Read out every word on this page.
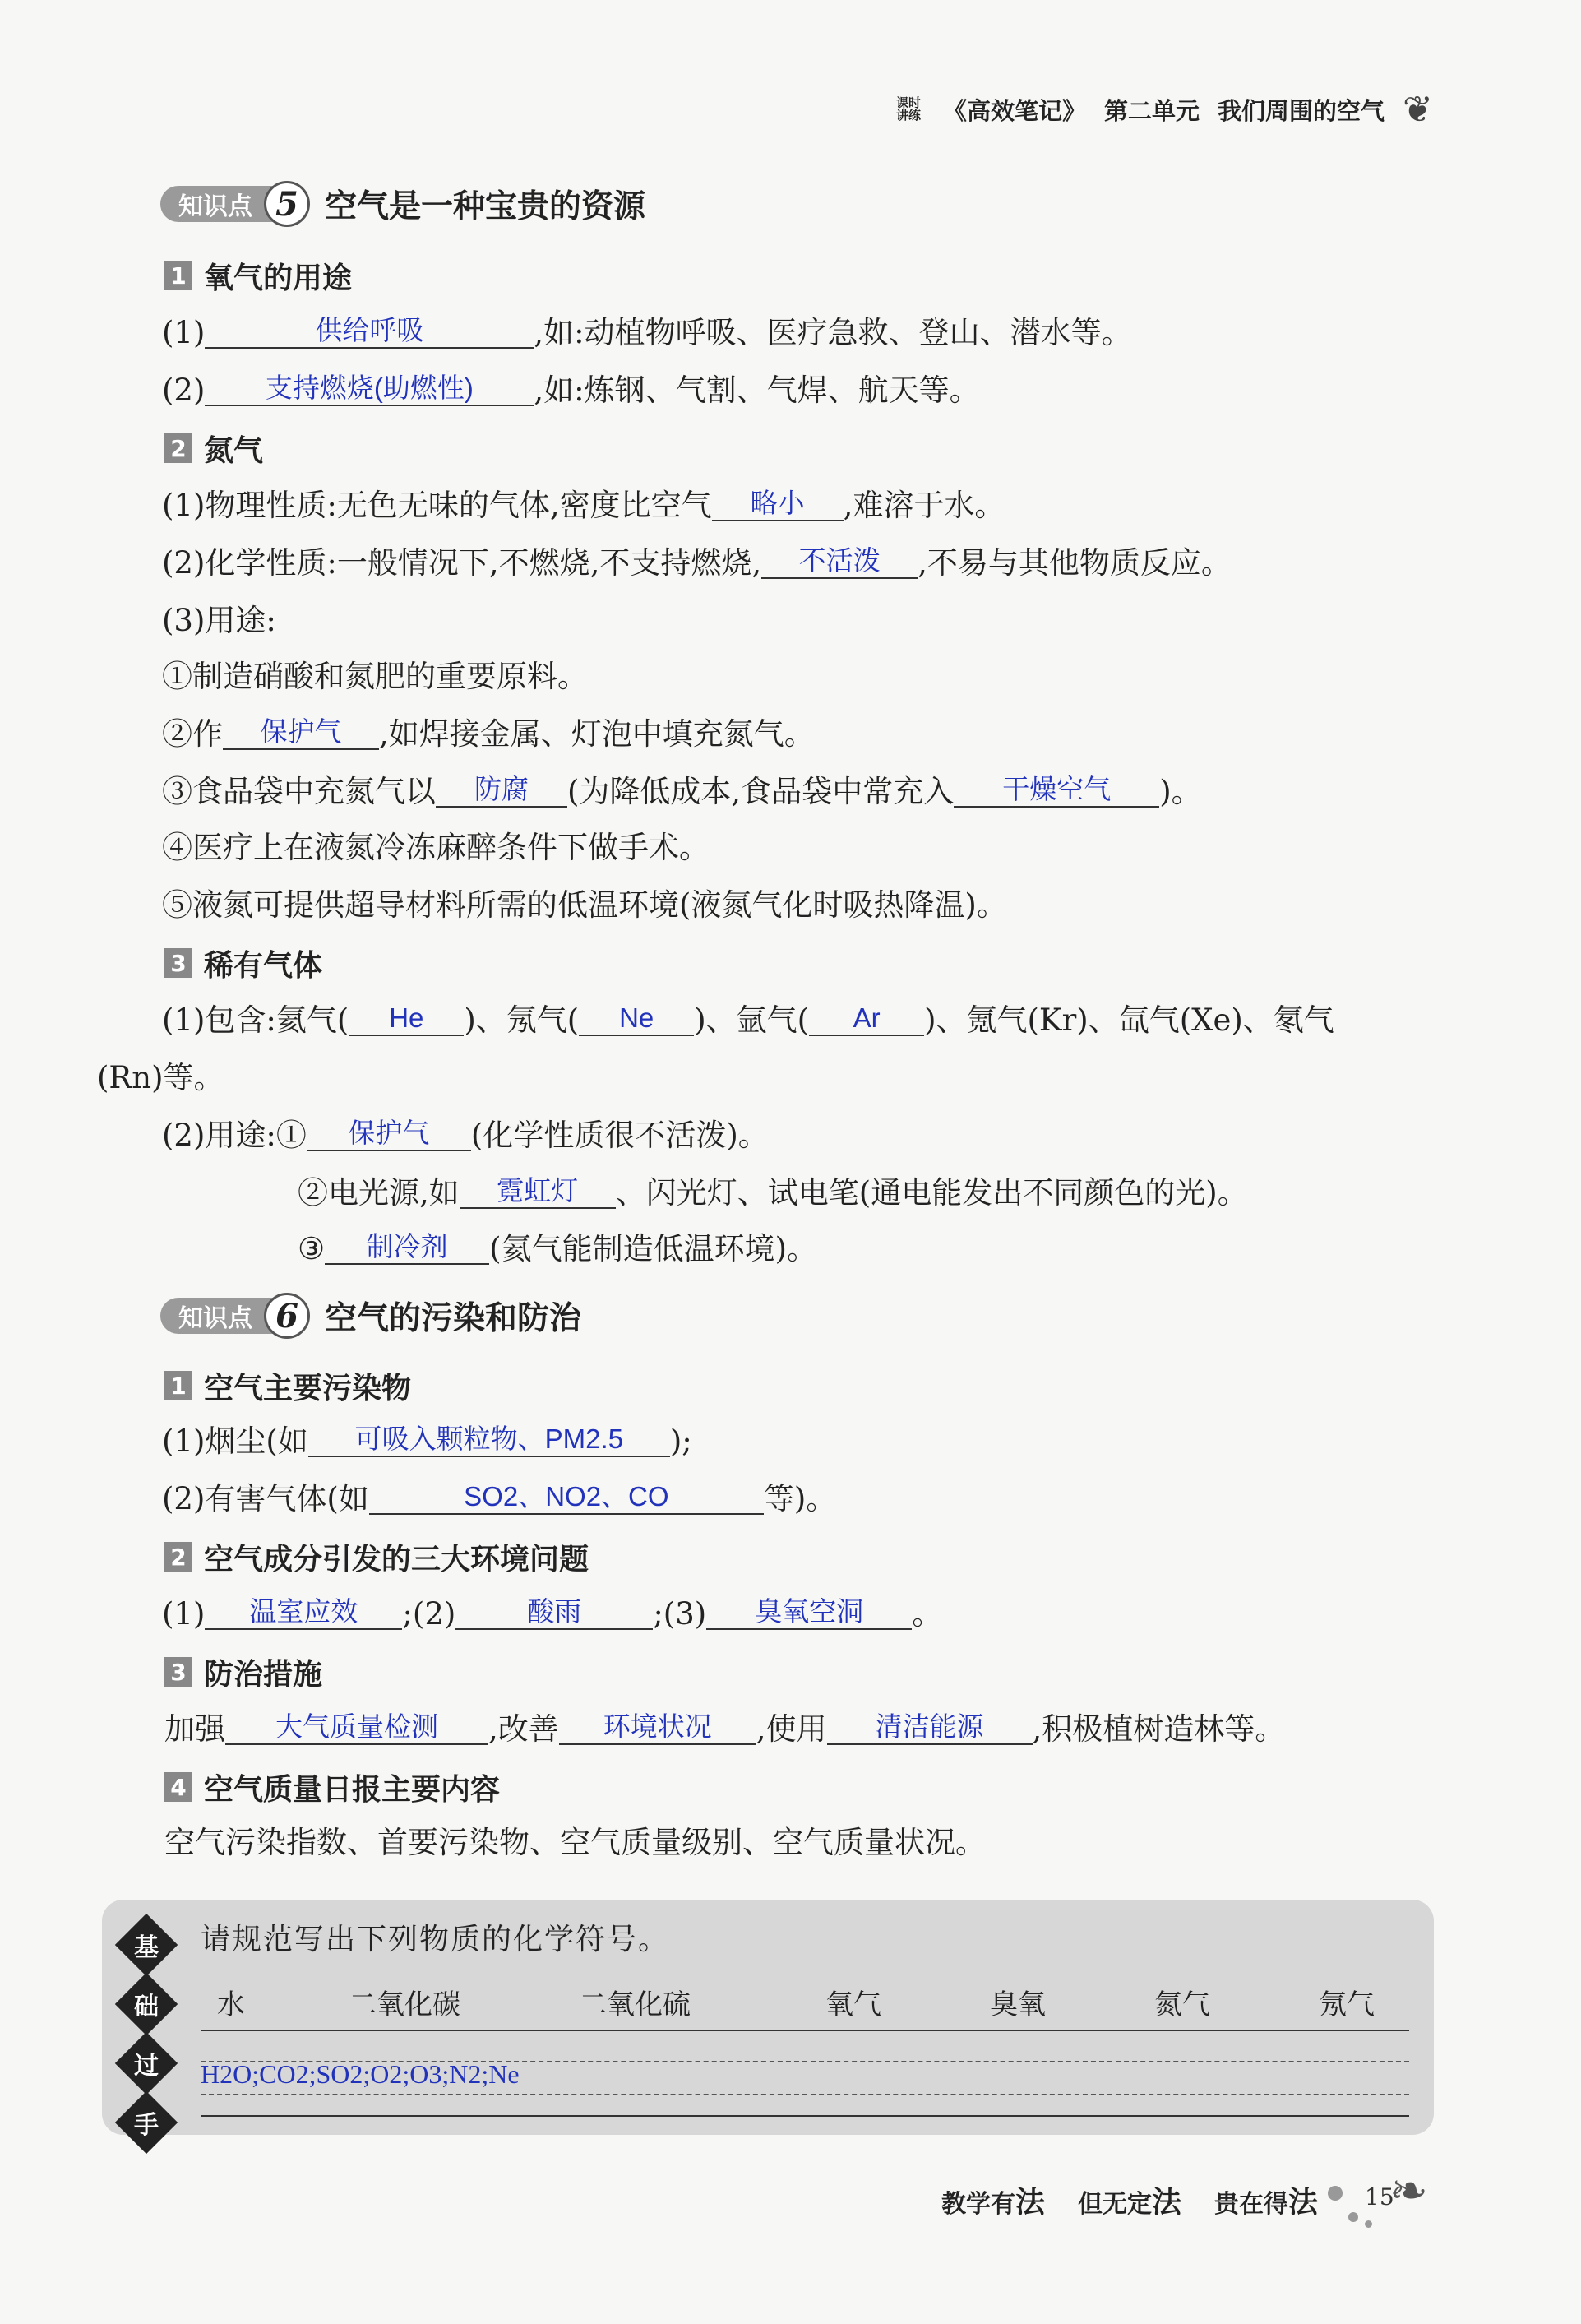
课时讲练 《高效笔记》 第二单元 我们周围的空气 ❦
知识点 5 空气是一种宝贵的资源
1 氧气的用途
(1)	供给呼吸	,如:动植物呼吸、医疗急救、登山、潜水等。
(2) 支持燃烧(助燃性) ,如:炼钢、气割、气焊、航天等。
2 氮气
(1)物理性质:无色无味的气体,密度比空气 略小 ,难溶于水。
(2)化学性质:一般情况下,不燃烧,不支持燃烧, 不活泼 ,不易与其他物质反应。
(3)用途:
①制造硝酸和氮肥的重要原料。
②作 保护气 ,如焊接金属、灯泡中填充氮气。
③食品袋中充氮气以 防腐 (为降低成本,食品袋中常充入 干燥空气 )。
④医疗上在液氮冷冻麻醉条件下做手术。
⑤液氮可提供超导材料所需的低温环境(液氮气化时吸热降温)。
3 稀有气体
(1)包含:氦气( He )、氖气( Ne )、氩气( Ar )、氪气(Kr)、氙气(Xe)、氡气
(Rn)等。
(2)用途:① 保护气 (化学性质很不活泼)。
②电光源,如 霓虹灯 、闪光灯、试电笔(通电能发出不同颜色的光)。
③ 制冷剂 (氦气能制造低温环境)。
知识点 6 空气的污染和防治
1 空气主要污染物
(1)烟尘(如 可吸入颗粒物、PM2.5 );
(2)有害气体(如	SO2、NO2、CO	等)。
2 空气成分引发的三大环境问题
(1) 温室应效 ;(2)	酸雨 ;(3) 臭氧空洞 。
3 防治措施
加强 大气质量检测 ,改善 环境状况 ,使用 清洁能源 ,积极植树造林等。
4 空气质量日报主要内容
空气污染指数、首要污染物、空气质量级别、空气质量状况。
基
础
过
手
请规范写出下列物质的化学符号。
水	二氧化碳	二氧化硫	氧气	臭氧	氮气	氖气
H2O;CO2;SO2;O2;O3;N2;Ne
教学有法 但无定法 贵在得法 15
❧
